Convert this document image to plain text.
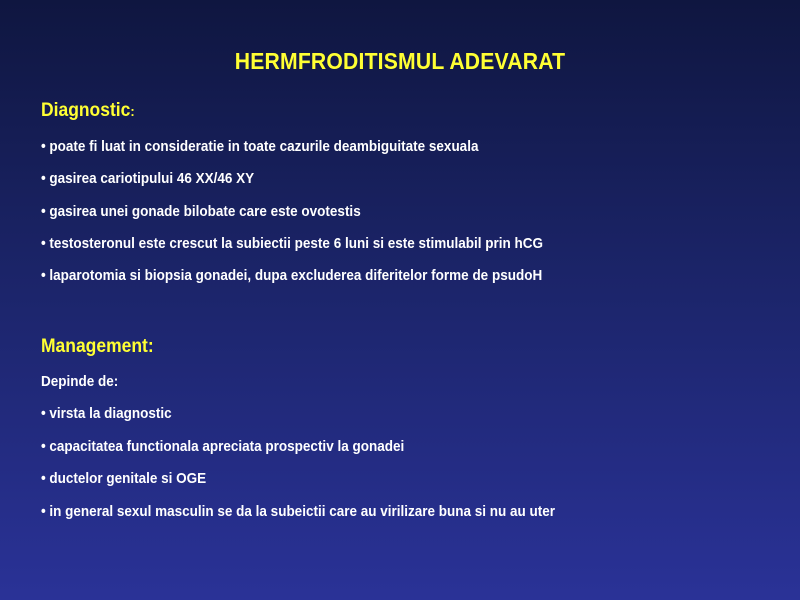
HERMFRODITISMUL ADEVARAT
Diagnostic:
• poate fi luat in consideratie in toate cazurile deambiguitate sexuala
• gasirea cariotipului 46 XX/46 XY
• gasirea unei gonade bilobate care este ovotestis
• testosteronul este crescut la subiectii peste 6 luni si este stimulabil prin hCG
• laparotomia si biopsia gonadei, dupa excluderea diferitelor forme de psudoH
Management:
Depinde de:
• virsta la diagnostic
• capacitatea functionala apreciata prospectiv la gonadei
• ductelor genitale si OGE
• in general sexul masculin se da la subeictii care au virilizare buna si nu au uter
